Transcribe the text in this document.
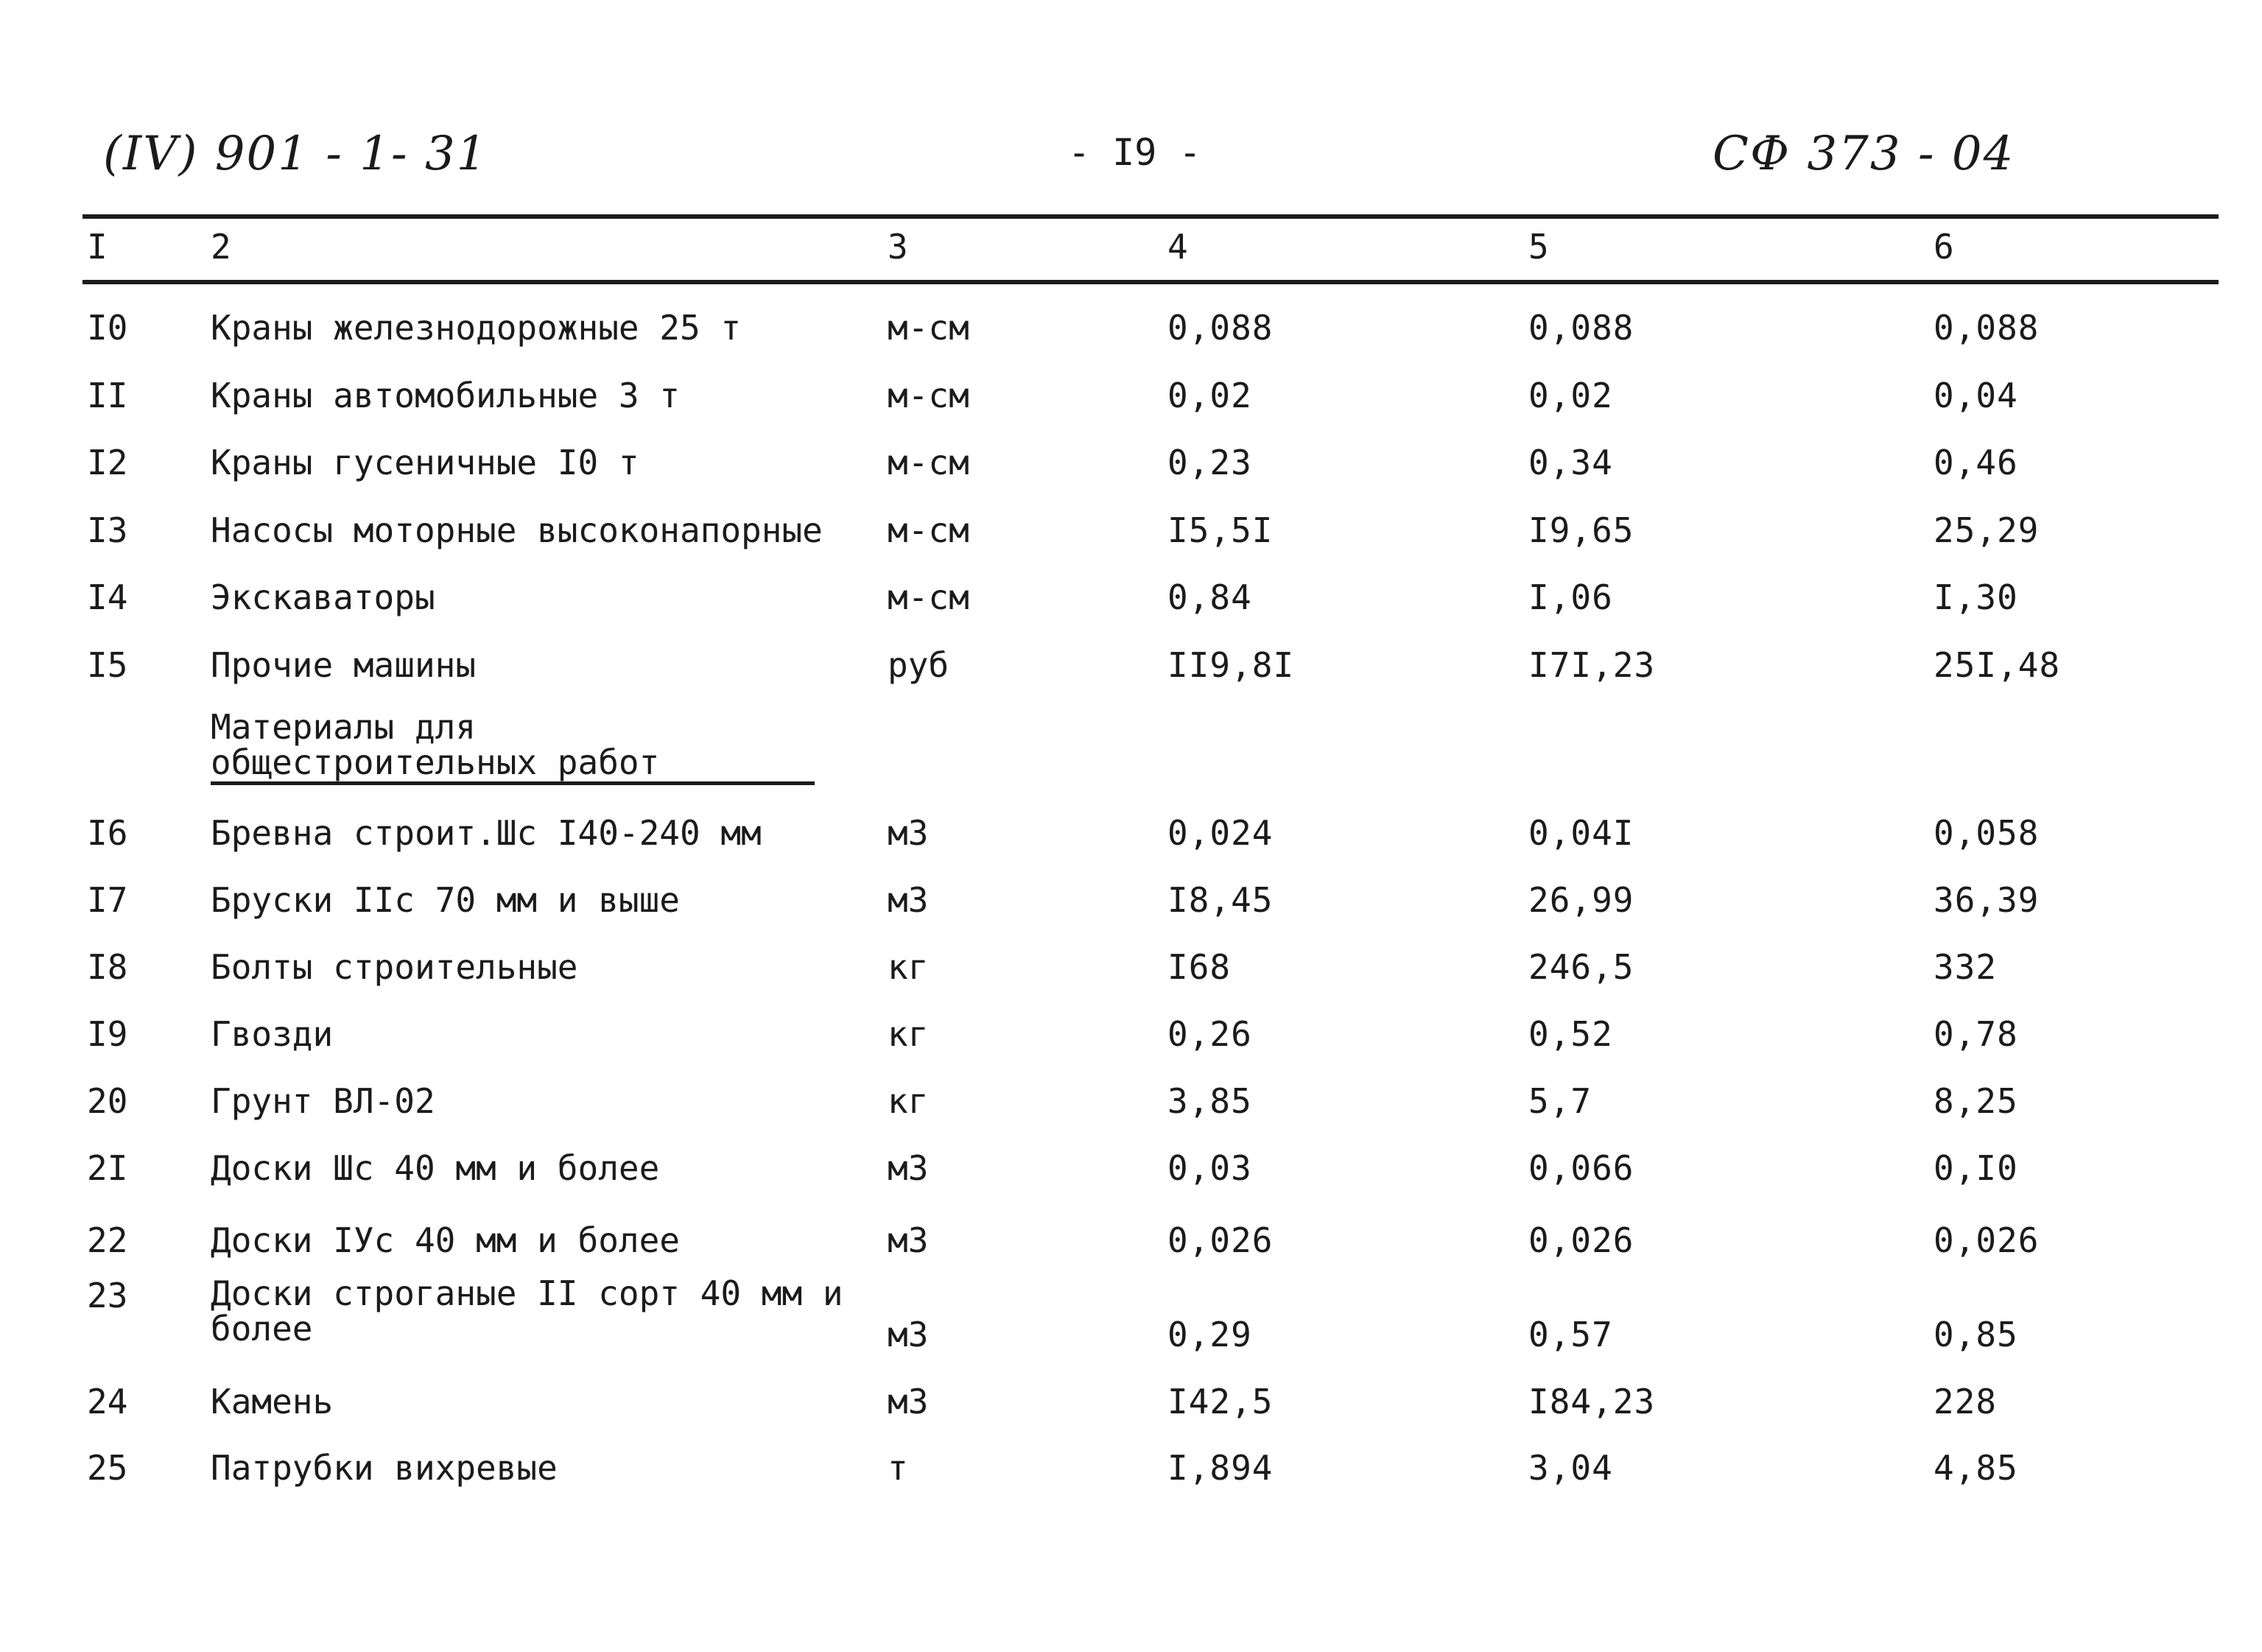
(IV) 901 - 1- 31	- I9 -	СФ 373 - 04
I	2	3	4	5	6
I0 Краны железнодорожные 25 т	м-см	0,088	0,088	0,088
II Краны автомобильные 3 т	м-см	0,02	0,02	0,04
I2 Краны гусеничные I0 т	м-см	0,23	0,34	0,46
I3 Насосы моторные высоконапорные м-см	I5,5I	I9,65	25,29
I4 Экскаваторы	м-см	0,84	I,06	I,30
I5 Прочие машины	руб	II9,8I	I7I,23	25I,48
Материалы для общестроительных работ
I6 Бревна строит.Шс I40-240 мм	м3	0,024	0,04I	0,058
I7 Бруски IIс 70 мм и выше	м3	I8,45	26,99	36,39
I8 Болты строительные	кг	I68	246,5	332
I9 Гвозди	кг	0,26	0,52	0,78
20 Грунт ВЛ-02	кг	3,85	5,7	8,25
2I Доски Шс 40 мм и более	м3	0,03	0,066	0,I0
22 Доски IУс 40 мм и более	м3	0,026	0,026	0,026
23 Доски строганые II сорт 40 мм и более	м3	0,29	0,57	0,85
24 Камень	м3	I42,5	I84,23	228
25 Патрубки вихревые	т	I,894	3,04	4,85
